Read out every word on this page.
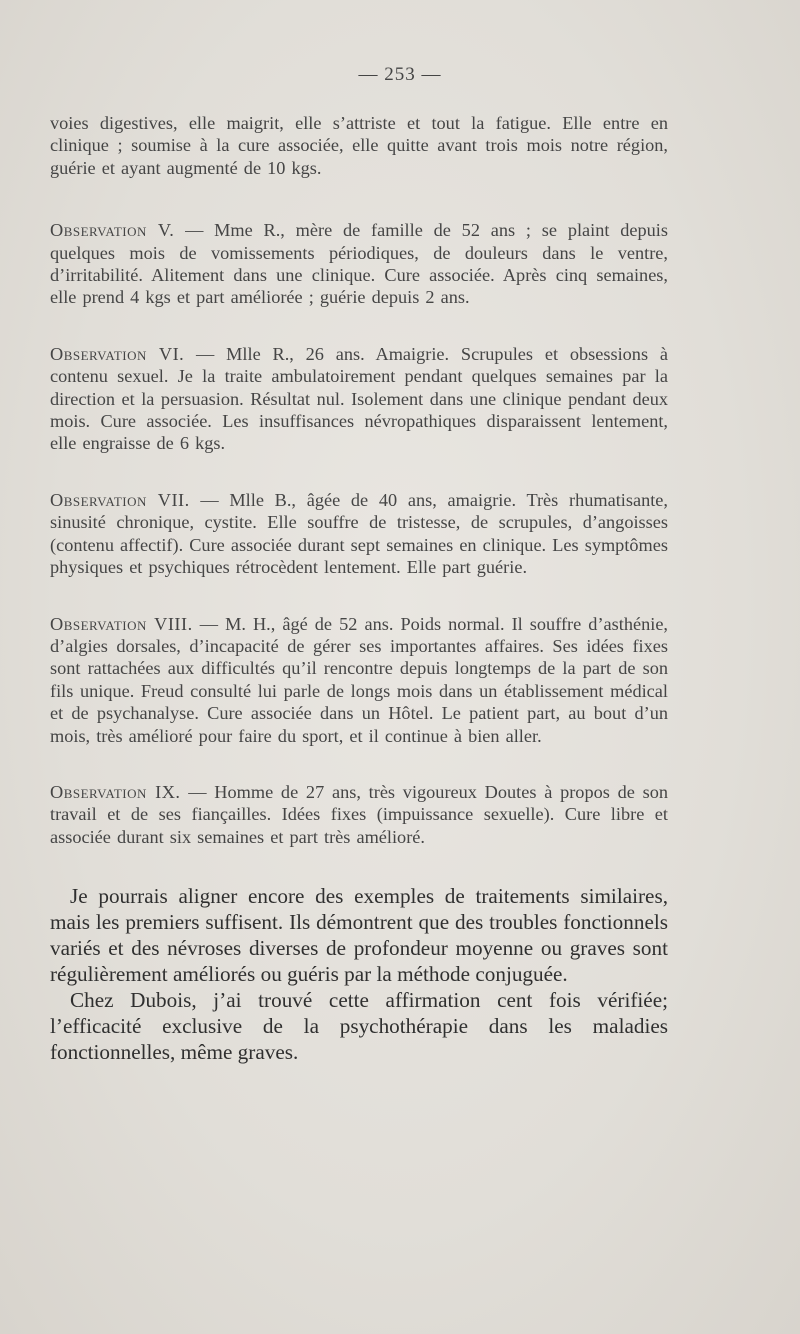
— 253 —

voies digestives, elle maigrit, elle s’attriste et tout la fatigue. Elle entre en clinique ; soumise à la cure associée, elle quitte avant trois mois notre région, guérie et ayant augmenté de 10 kgs.

Observation V. — Mme R., mère de famille de 52 ans ; se plaint depuis quelques mois de vomissements périodiques, de douleurs dans le ventre, d’irritabilité. Alitement dans une clinique. Cure associée. Après cinq semaines, elle prend 4 kgs et part améliorée ; guérie depuis 2 ans.

Observation VI. — Mlle R., 26 ans. Amaigrie. Scrupules et obsessions à contenu sexuel. Je la traite ambulatoirement pendant quelques semaines par la direction et la persuasion. Résultat nul. Isolement dans une clinique pendant deux mois. Cure associée. Les insuffisances névropathiques disparaissent lentement, elle engraisse de 6 kgs.

Observation VII. — Mlle B., âgée de 40 ans, amaigrie. Très rhumatisante, sinusité chronique, cystite. Elle souffre de tristesse, de scrupules, d’angoisses (contenu affectif). Cure associée durant sept semaines en clinique. Les symptômes physiques et psychiques rétrocèdent lentement. Elle part guérie.

Observation VIII. — M. H., âgé de 52 ans. Poids normal. Il souffre d’asthénie, d’algies dorsales, d’incapacité de gérer ses importantes affaires. Ses idées fixes sont rattachées aux difficultés qu’il rencontre depuis longtemps de la part de son fils unique. Freud consulté lui parle de longs mois dans un établissement médical et de psychanalyse. Cure associée dans un Hôtel. Le patient part, au bout d’un mois, très amélioré pour faire du sport, et il continue à bien aller.

Observation IX. — Homme de 27 ans, très vigoureux Doutes à propos de son travail et de ses fiançailles. Idées fixes (impuissance sexuelle). Cure libre et associée durant six semaines et part très amélioré.

Je pourrais aligner encore des exemples de traitements similaires, mais les premiers suffisent. Ils démontrent que des troubles fonctionnels variés et des névroses diverses de profondeur moyenne ou graves sont régulièrement améliorés ou guéris par la méthode conjuguée.

Chez Dubois, j’ai trouvé cette affirmation cent fois vérifiée; l’efficacité exclusive de la psychothérapie dans les maladies fonctionnelles, même graves.
